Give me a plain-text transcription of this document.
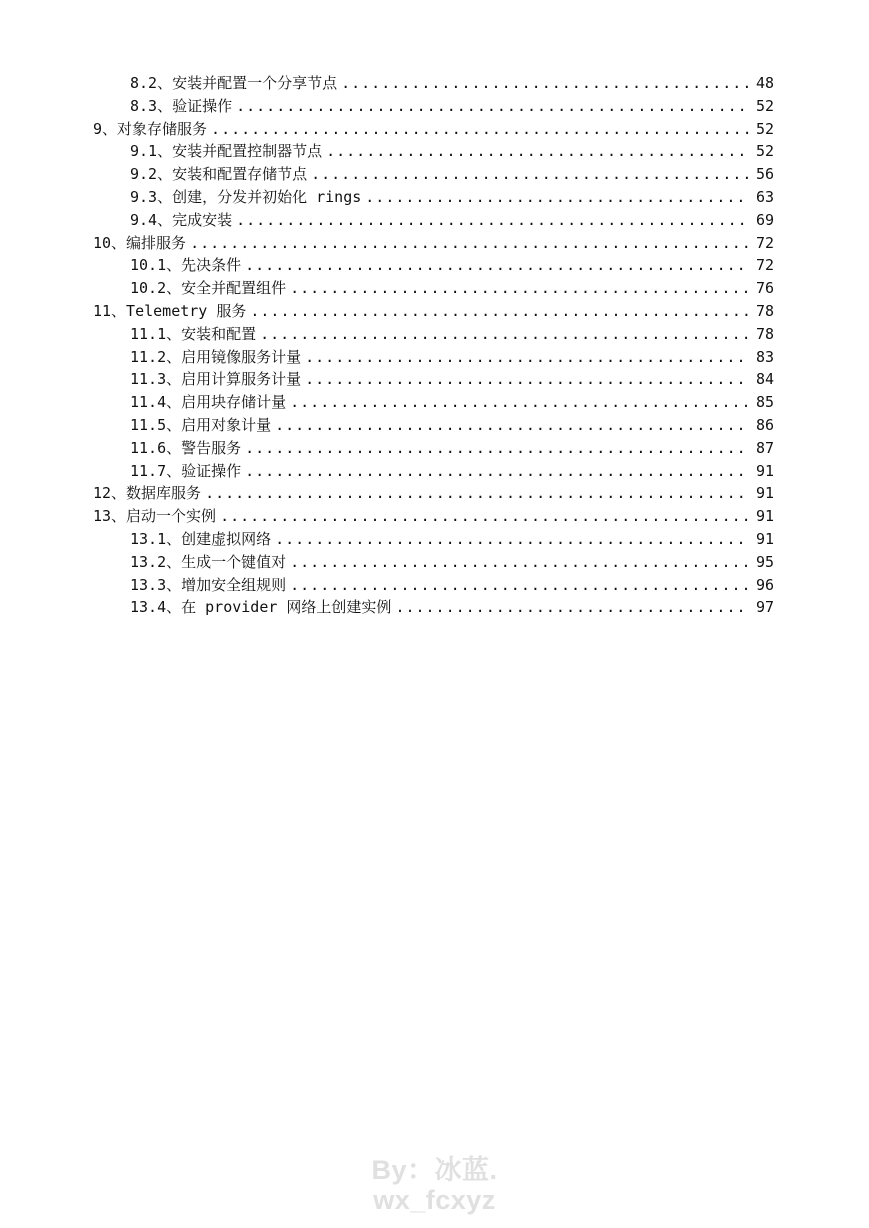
8.2、安装并配置一个分享节点 .....	48
8.3、验证操作 .....	52
9、对象存储服务 .....	52
9.1、安装并配置控制器节点 .....	52
9.2、安装和配置存储节点 .....	56
9.3、创建，分发并初始化 rings .....	63
9.4、完成安装 .....	69
10、编排服务 .....	72
10.1、先决条件 .....	72
10.2、安全并配置组件 .....	76
11、Telemetry 服务 .....	78
11.1、安装和配置 .....	78
11.2、启用镜像服务计量 .....	83
11.3、启用计算服务计量 .....	84
11.4、启用块存储计量 .....	85
11.5、启用对象计量 .....	86
11.6、警告服务 .....	87
11.7、验证操作 .....	91
12、数据库服务 .....	91
13、启动一个实例 .....	91
13.1、创建虚拟网络 .....	91
13.2、生成一个键值对 .....	95
13.3、增加安全组规则 .....	96
13.4、在 provider 网络上创建实例 .....	97
By：冰蓝.
wx_fcxyz
